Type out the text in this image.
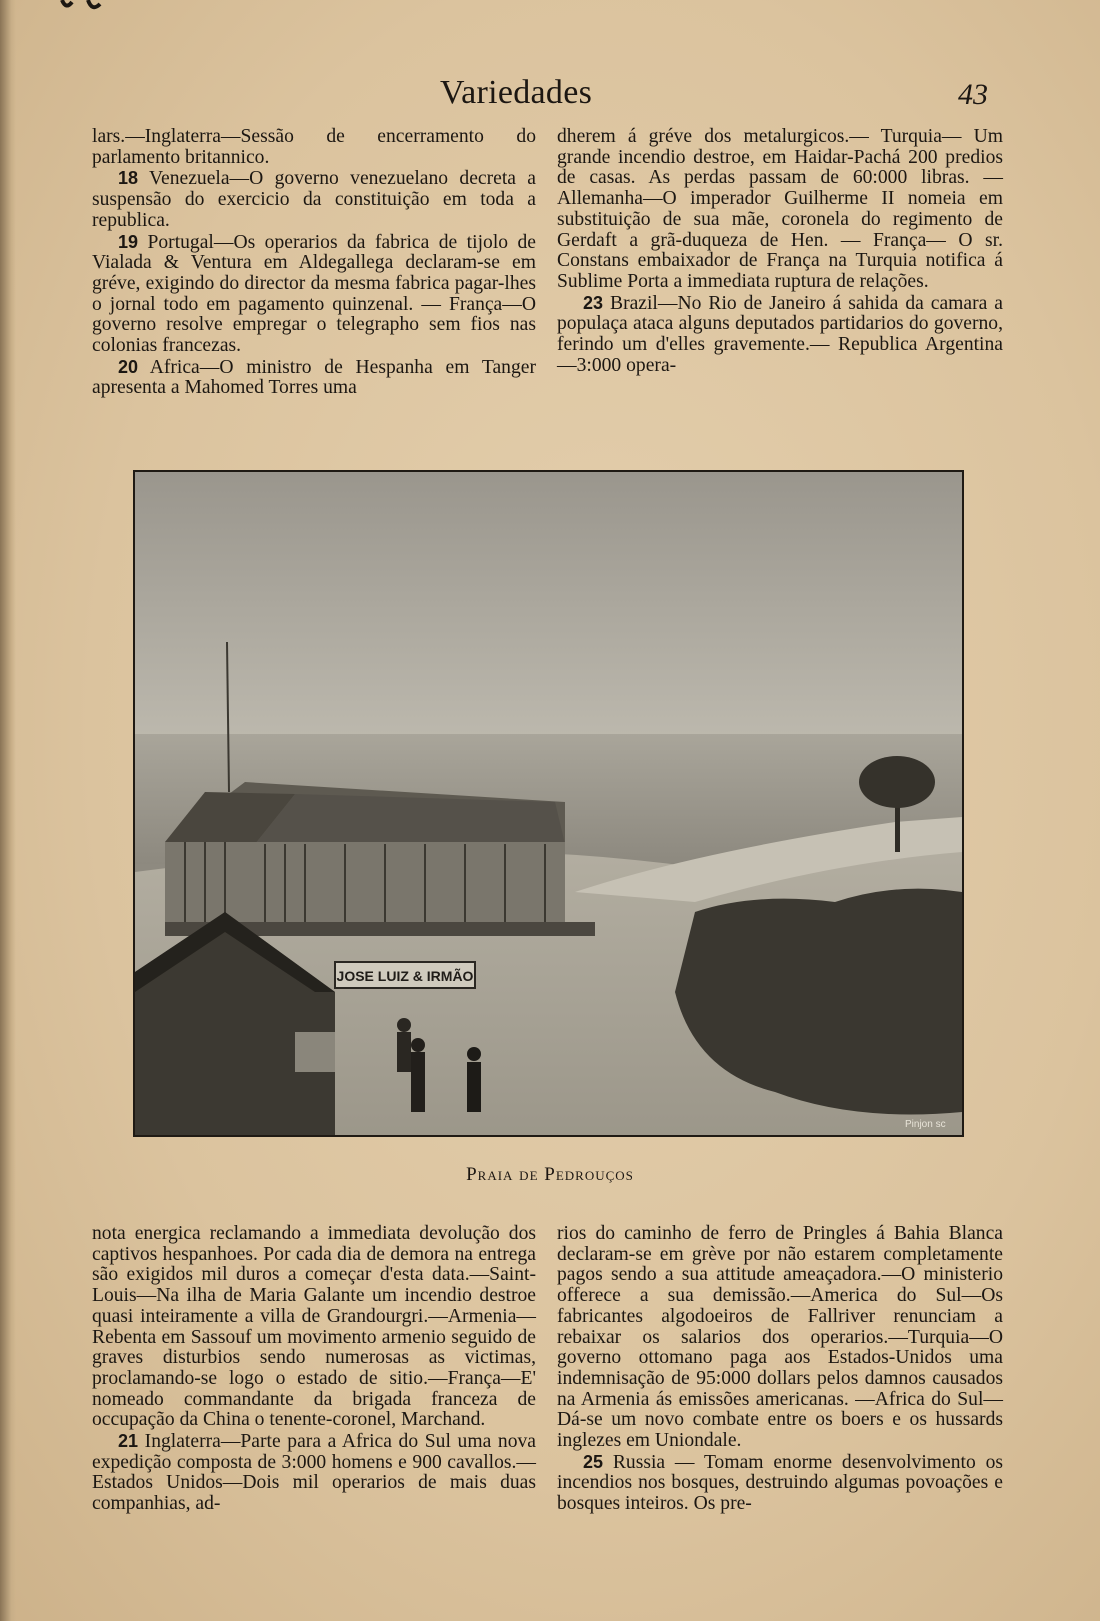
Variedades	43

lars.—Inglaterra—Sessão de encerramento do parlamento britannico.

18 Venezuela—O governo venezuelano decreta a suspensão do exercicio da constituição em toda a republica.

19 Portugal—Os operarios da fabrica de tijolo de Vialada & Ventura em Aldegallega declaram-se em gréve, exigindo do director da mesma fabrica pagar-lhes o jornal todo em pagamento quinzenal. — França—O governo resolve empregar o telegrapho sem fios nas colonias francezas.

20 Africa—O ministro de Hespanha em Tanger apresenta a Mahomed Torres uma

dherem á gréve dos metalurgicos.— Turquia— Um grande incendio destroe, em Haidar-Pachá 200 predios de casas. As perdas passam de 60:000 libras. — Allemanha—O imperador Guilherme II nomeia em substituição de sua mãe, coronela do regimento de Gerdaft a grã-duqueza de Hen. — França— O sr. Constans embaixador de França na Turquia notifica á Sublime Porta a immediata ruptura de relações.

23 Brazil—No Rio de Janeiro á sahida da camara a populaça ataca alguns deputados partidarios do governo, ferindo um d'elles gravemente.— Republica Argentina—3:000 opera-

JOSE LUIZ & IRMÃO
Pinjon sc
Praia de Pedrouços

nota energica reclamando a immediata devolução dos captivos hespanhoes. Por cada dia de demora na entrega são exigidos mil duros a começar d'esta data.—Saint-Louis—Na ilha de Maria Galante um incendio destroe quasi inteiramente a villa de Grandourgri.—Armenia—Rebenta em Sassouf um movimento armenio seguido de graves disturbios sendo numerosas as victimas, proclamando-se logo o estado de sitio.—França—E' nomeado commandante da brigada franceza de occupação da China o tenente-coronel, Marchand.

21 Inglaterra—Parte para a Africa do Sul uma nova expedição composta de 3:000 homens e 900 cavallos.—Estados Unidos—Dois mil operarios de mais duas companhias, ad-

rios do caminho de ferro de Pringles á Bahia Blanca declaram-se em grève por não estarem completamente pagos sendo a sua attitude ameaçadora.—O ministerio offerece a sua demissão.—America do Sul—Os fabricantes algodoeiros de Fallriver renunciam a rebaixar os salarios dos operarios.—Turquia—O governo ottomano paga aos Estados-Unidos uma indemnisação de 95:000 dollars pelos damnos causados na Armenia ás emissões americanas. —Africa do Sul—Dá-se um novo combate entre os boers e os hussards inglezes em Uniondale.

25 Russia — Tomam enorme desenvolvimento os incendios nos bosques, destruindo algumas povoações e bosques inteiros. Os pre-
